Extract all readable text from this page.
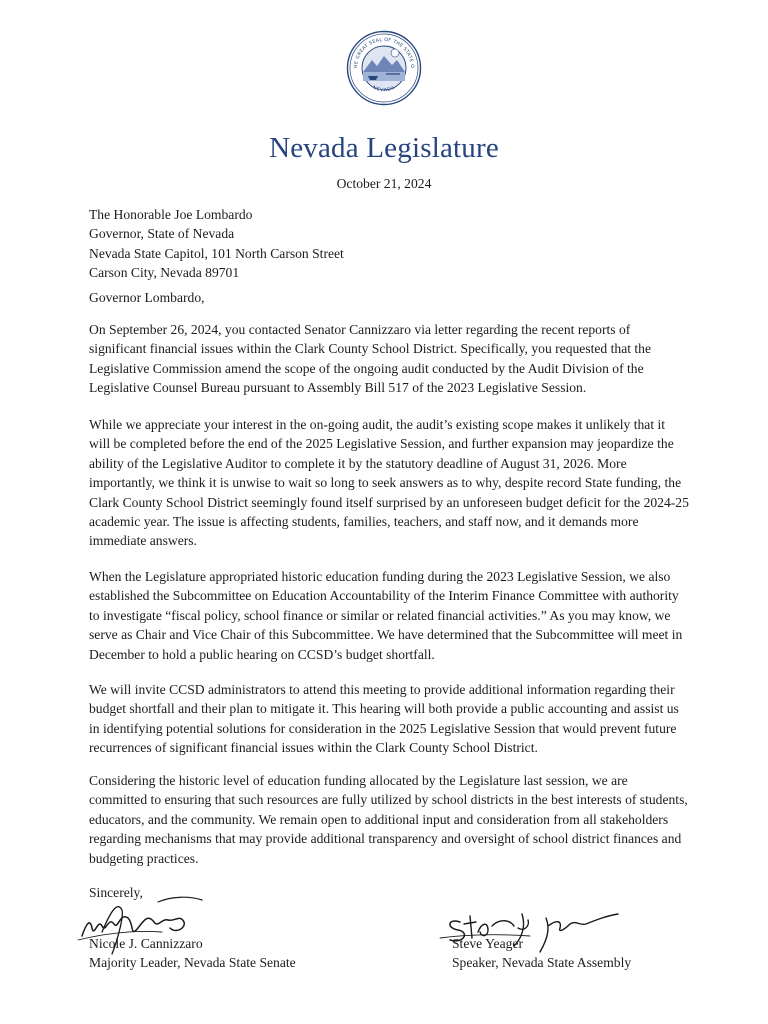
HE GREAT SEAL OF THE STATE O
NEVADA
Nevada Legislature
October 21, 2024

The Honorable Joe Lombardo

Governor, State of Nevada

Nevada State Capitol, 101 North Carson Street

Carson City, Nevada 89701

Governor Lombardo,
On September 26, 2024, you contacted Senator Cannizzaro via letter regarding the recent reports of significant financial issues within the Clark County School District. Specifically, you requested that the Legislative Commission amend the scope of the ongoing audit conducted by the Audit Division of the Legislative Counsel Bureau pursuant to Assembly Bill 517 of the 2023 Legislative Session.
While we appreciate your interest in the on-going audit, the audit’s existing scope makes it unlikely that it will be completed before the end of the 2025 Legislative Session, and further expansion may jeopardize the ability of the Legislative Auditor to complete it by the statutory deadline of August 31, 2026. More importantly, we think it is unwise to wait so long to seek answers as to why, despite record State funding, the Clark County School District seemingly found itself surprised by an unforeseen budget deficit for the 2024-25 academic year. The issue is affecting students, families, teachers, and staff now, and it demands more immediate answers.
When the Legislature appropriated historic education funding during the 2023 Legislative Session, we also established the Subcommittee on Education Accountability of the Interim Finance Committee with authority to investigate “fiscal policy, school finance or similar or related financial activities.” As you may know, we serve as Chair and Vice Chair of this Subcommittee. We have determined that the Subcommittee will meet in December to hold a public hearing on CCSD’s budget shortfall.
We will invite CCSD administrators to attend this meeting to provide additional information regarding their budget shortfall and their plan to mitigate it. This hearing will both provide a public accounting and assist us in identifying potential solutions for consideration in the 2025 Legislative Session that would prevent future recurrences of significant financial issues within the Clark County School District.
Considering the historic level of education funding allocated by the Legislature last session, we are committed to ensuring that such resources are fully utilized by school districts in the best interests of students, educators, and the community. We remain open to additional input and consideration from all stakeholders regarding mechanisms that may provide additional transparency and oversight of school district finances and budgeting practices.
Sincerely,
Nicole J. Cannizzaro
Majority Leader, Nevada State Senate
Steve Yeager
Speaker, Nevada State Assembly
